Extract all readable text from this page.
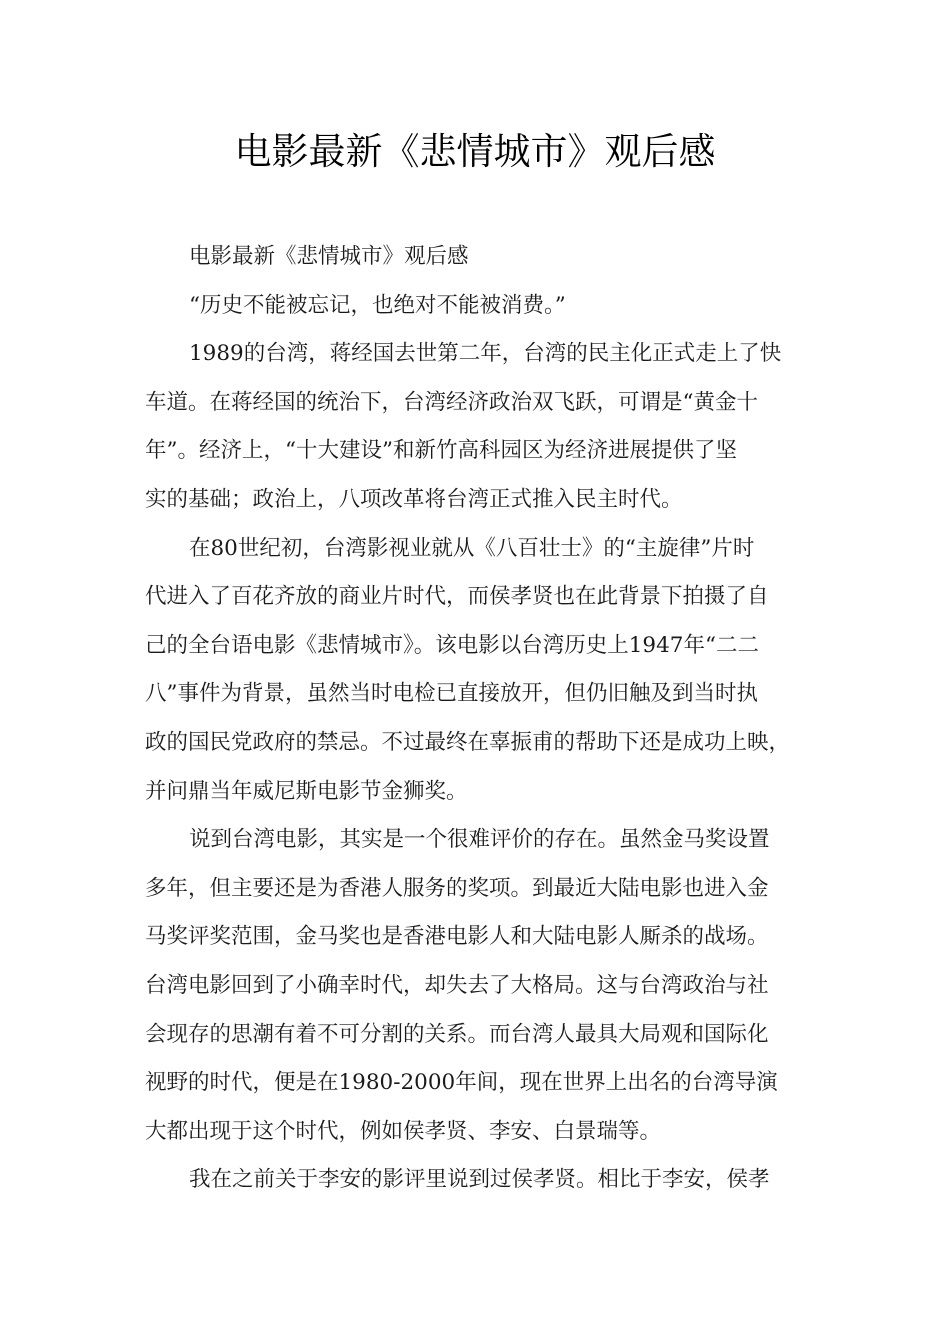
电影最新《悲情城市》观后感
电影最新《悲情城市》观后感
“历史不能被忘记，也绝对不能被消费。”
1989的台湾，蒋经国去世第二年，台湾的民主化正式走上了快
车道。在蒋经国的统治下，台湾经济政治双飞跃，可谓是“黄金十
年”。经济上，“十大建设”和新竹高科园区为经济进展提供了坚
实的基础；政治上，八项改革将台湾正式推入民主时代。
在80世纪初，台湾影视业就从《八百壮士》的“主旋律”片时
代进入了百花齐放的商业片时代，而侯孝贤也在此背景下拍摄了自
己的全台语电影《悲情城市》。该电影以台湾历史上1947年“二二
八”事件为背景，虽然当时电检已直接放开，但仍旧触及到当时执
政的国民党政府的禁忌。不过最终在辜振甫的帮助下还是成功上映，
并问鼎当年威尼斯电影节金狮奖。
说到台湾电影，其实是一个很难评价的存在。虽然金马奖设置
多年，但主要还是为香港人服务的奖项。到最近大陆电影也进入金
马奖评奖范围，金马奖也是香港电影人和大陆电影人厮杀的战场。
台湾电影回到了小确幸时代，却失去了大格局。这与台湾政治与社
会现存的思潮有着不可分割的关系。而台湾人最具大局观和国际化
视野的时代，便是在1980-2000年间，现在世界上出名的台湾导演
大都出现于这个时代，例如侯孝贤、李安、白景瑞等。
我在之前关于李安的影评里说到过侯孝贤。相比于李安，侯孝
